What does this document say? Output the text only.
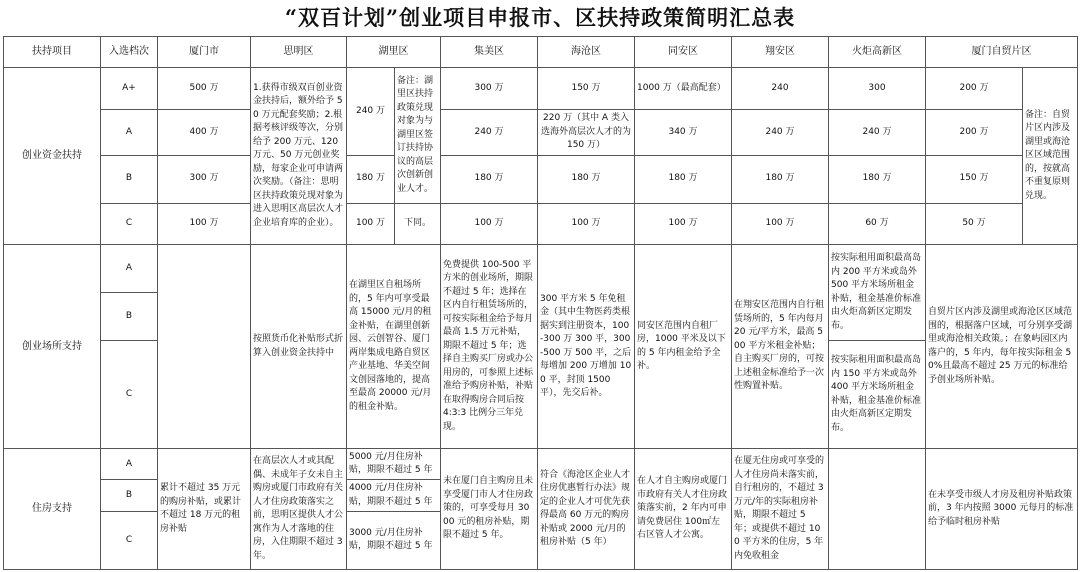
“双百计划”创业项目申报市、区扶持政策简明汇总表
扶持项目	入选档次	厦门市	思明区	湖里区		集美区	海沧区	同安区	翔安区	火炬高新区	厦门自贸片区	
创业资金扶持	A+	500 万	1.获得市级双百创业资金扶持后，额外给予 50 万元配套奖励；2.根据考核评级等次，分别给予 200 万元、120 万元、50 万元创业奖励，每家企业可申请两次奖励。（备注：思明区扶持政策兑现对象为进入思明区高层次人才企业培育库的企业）。	240 万	备注：湖里区扶持政策兑现对象为与湖里区签订扶持协议的高层次创新创业人才。	300 万	150 万	1000 万（最高配套）	240	300	200 万	备注：自贸片区内涉及湖里或海沧区区域范围的，按就高不重复原则兑现。
	A	400 万				240 万	220 万（其中 A 类入选海外高层次人才的为 150 万）	340 万	240 万	240 万	200 万	
	B	300 万		180 万		180 万	180 万	180 万	180 万	180 万	150 万	
	C	100 万		100 万	下同。	100 万	100 万	100 万	100 万	60 万	50 万	
创业场所支持	A		按照货币化补贴形式折算入创业资金扶持中	在湖里区自租场所的，5 年内可享受最高 15000 元/月的租金补贴，在湖里创新园、云创智谷、厦门两岸集成电路自贸区产业基地、华美空间文创园落地的，提高至最高 20000 元/月的租金补贴。		免费提供 100-500 平方米的创业场所，期限不超过 5 年；选择在区内自行租赁场所的，可按实际租金给予每月最高 1.5 万元补贴，期限不超过 5 年；选择自主购买厂房或办公用房的，可参照上述标准给予购房补贴，补贴在取得购房合同后按 4:3:3 比例分三年兑现。	300 平方米 5 年免租金（其中生物医药类根据实到注册资本，100-300 万 300 平，300-500 万 500 平，之后每增加 200 万增加 100 平，封顶 1500 平），先交后补。	同安区范围内自租厂房，1000 平米及以下的 5 年内租金给予全补。	在翔安区范围内自行租赁场所的，5 年内每月 20 元/平方米，最高 500 平方米租金补贴；自主购买厂房的，可按上述租金标准给予一次性购置补贴。	按实际租用面积最高岛内 200 平方米或岛外 500 平方米场所租金补贴，租金基准价标准由火炬高新区定期发布。	自贸片区内涉及湖里或海沧区区域范围的，根据落户区域，可分别享受湖里或海沧相关政策。；在象屿园区内落户的，5 年内，每年按实际租金 50%且最高不超过 25 万元的标准给予创业场所补贴。	
	B											
	C									按实际租用面积最高岛内 150 平方米或岛外 400 平方米场所租金补贴，租金基准价标准由火炬高新区定期发布。		
住房支持	A	累计不超过 35 万元的购房补贴，或累计不超过 18 万元的租房补贴	在高层次人才或其配偶、未成年子女未自主购房或厦门市政府有关人才住房政策落实之前，思明区提供人才公寓作为人才落地的住房，入住期限不超过 3 年。	5000 元/月住房补贴，期限不超过 5 年		未在厦门自主购房且未享受厦门市人才住房政策的，可享受每月 3000 元的租房补贴，期限不超过 5 年。	符合《海沧区企业人才住房优惠暂行办法》规定的企业人才可优先获得最高 60 万元的购房补贴或 2000 元/月的租房补贴（5 年）	在人才自主购房或厦门市政府有关人才住房政策落实前，2 年内可申请免费居住 100㎡左右区管人才公寓。	在厦无住房或可享受的人才住房尚未落实前，自行租房的，不超过 3 万元/年的实际租房补贴，期限不超过 5 年；或提供不超过 100 平方米的住房，5 年内免收租金		在未享受市级人才房及租房补贴政策前，3 年内按照 3000 元每月的标准给予临时租房补贴	
	B			4000 元/月住房补贴，期限不超过 5 年								
	C			3000 元/月住房补贴，期限不超过 5 年								
